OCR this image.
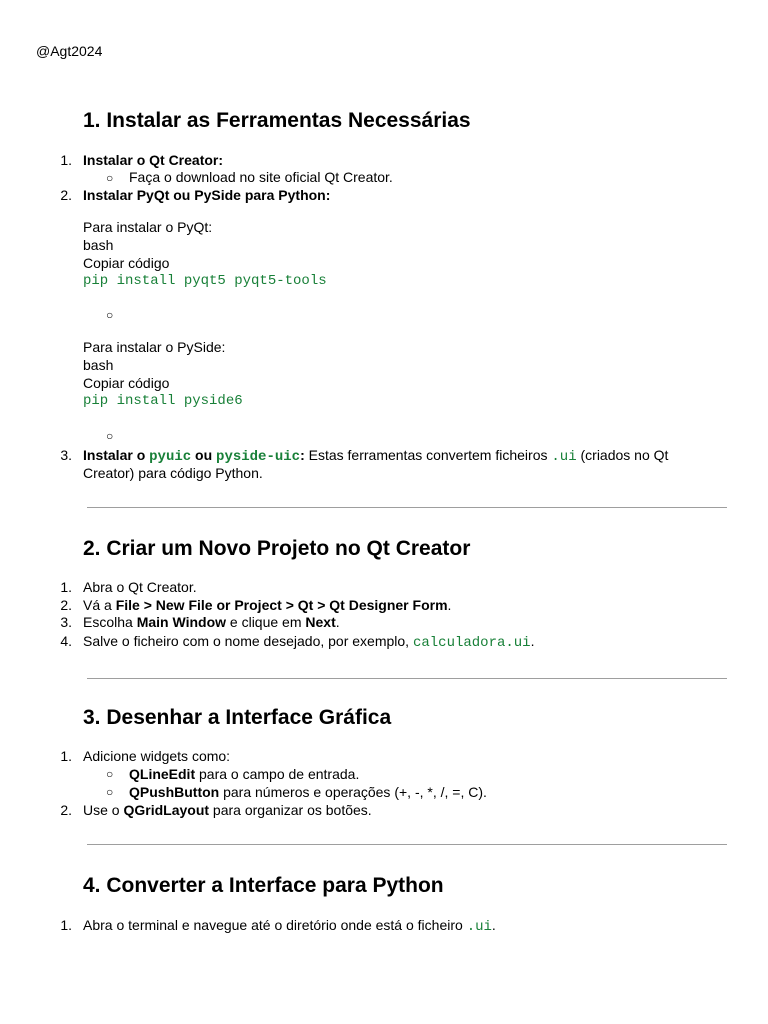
@Agt2024
1. Instalar as Ferramentas Necessárias
1. Instalar o Qt Creator:
○ Faça o download no site oficial Qt Creator.
2. Instalar PyQt ou PySide para Python:
Para instalar o PyQt:
bash
Copiar código
pip install pyqt5 pyqt5-tools
○
Para instalar o PySide:
bash
Copiar código
pip install pyside6
○
3. Instalar o pyuic ou pyside-uic: Estas ferramentas convertem ficheiros .ui (criados no Qt
Creator) para código Python.
2. Criar um Novo Projeto no Qt Creator
1. Abra o Qt Creator.
2. Vá a File > New File or Project > Qt > Qt Designer Form.
3. Escolha Main Window e clique em Next.
4. Salve o ficheiro com o nome desejado, por exemplo, calculadora.ui.
3. Desenhar a Interface Gráfica
1. Adicione widgets como:
○ QLineEdit para o campo de entrada.
○ QPushButton para números e operações (+, -, *, /, =, C).
2. Use o QGridLayout para organizar os botões.
4. Converter a Interface para Python
1. Abra o terminal e navegue até o diretório onde está o ficheiro .ui.
